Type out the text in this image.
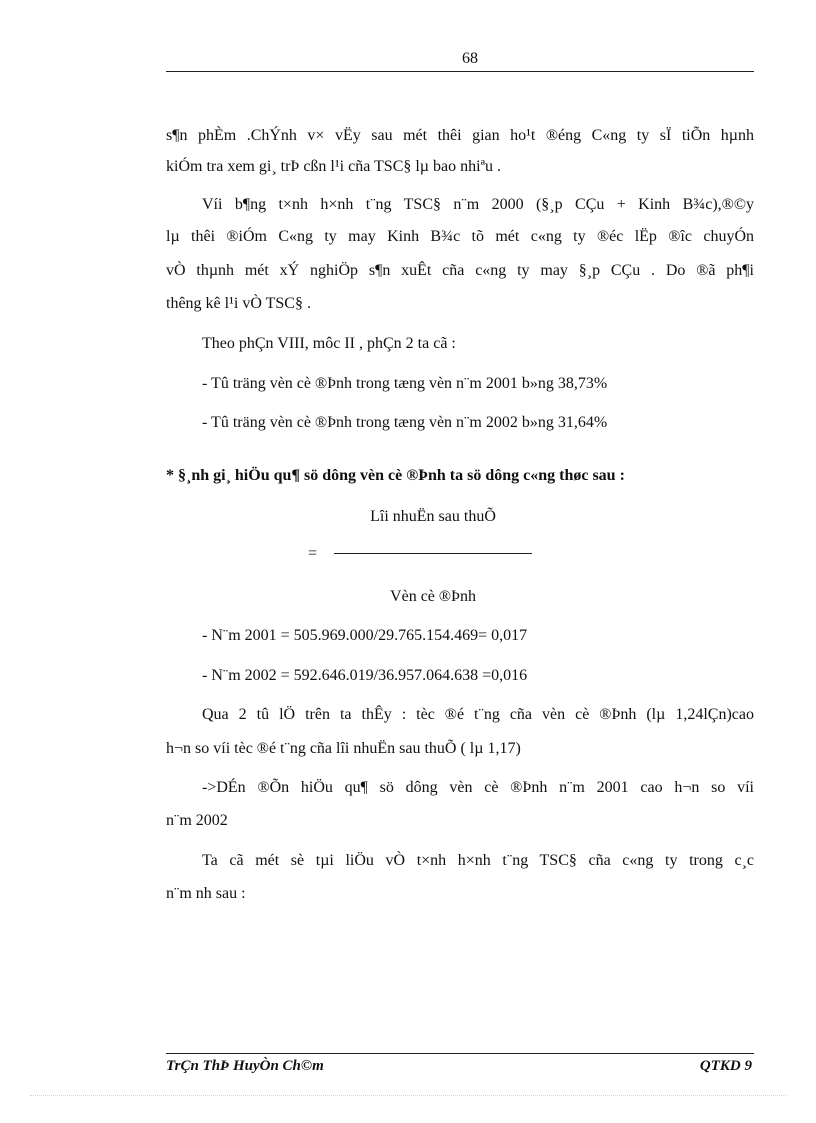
68
s¶n phÈm .ChÝnh v× vËy sau mét thêi gian ho¹t ®éng C«ng ty sÏ tiÕn hµnh
kiÓm tra xem gi¸ trÞ cßn l¹i cña TSC§ lµ bao nhiªu .
Víi b¶ng t×nh h×nh t¨ng TSC§ n¨m 2000 (§¸p CÇu + Kinh B¾c),®©y
lµ thêi ®iÓm C«ng ty may Kinh B¾c tõ mét c«ng ty ®éc lËp ®îc chuyÓn
vÒ thµnh mét xÝ nghiÖp s¶n xuÊt cña c«ng ty may §¸p CÇu . Do ®ã ph¶i
thêng kê l¹i vÒ TSC§ .
Theo phÇn VIII, môc II , phÇn 2 ta cã :
- Tû träng vèn cè ®Þnh trong tæng vèn n¨m 2001 b»ng 38,73%
- Tû träng vèn cè ®Þnh trong tæng vèn n¨m 2002 b»ng 31,64%
* §¸nh gi¸ hiÖu qu¶ sö dông vèn cè ®Þnh ta sö dông c«ng thøc sau :
Lîi nhuËn sau thuÕ
=
Vèn cè ®Þnh
- N¨m 2001 = 505.969.000/29.765.154.469= 0,017
- N¨m 2002 = 592.646.019/36.957.064.638 =0,016
Qua 2 tû lÖ trên ta thÊy : tèc ®é t¨ng cña vèn cè ®Þnh (lµ 1,24lÇn)cao
h¬n so víi tèc ®é t¨ng cña lîi nhuËn sau thuÕ ( lµ 1,17)
->DÉn ®Õn hiÖu qu¶ sö dông vèn cè ®Þnh n¨m 2001 cao h¬n so víi
n¨m 2002
Ta cã mét sè tµi liÖu vÒ t×nh h×nh t¨ng TSC§ cña c«ng ty trong c¸c
n¨m nh sau :
TrÇn ThÞ HuyÒn Ch©m	QTKD 9
